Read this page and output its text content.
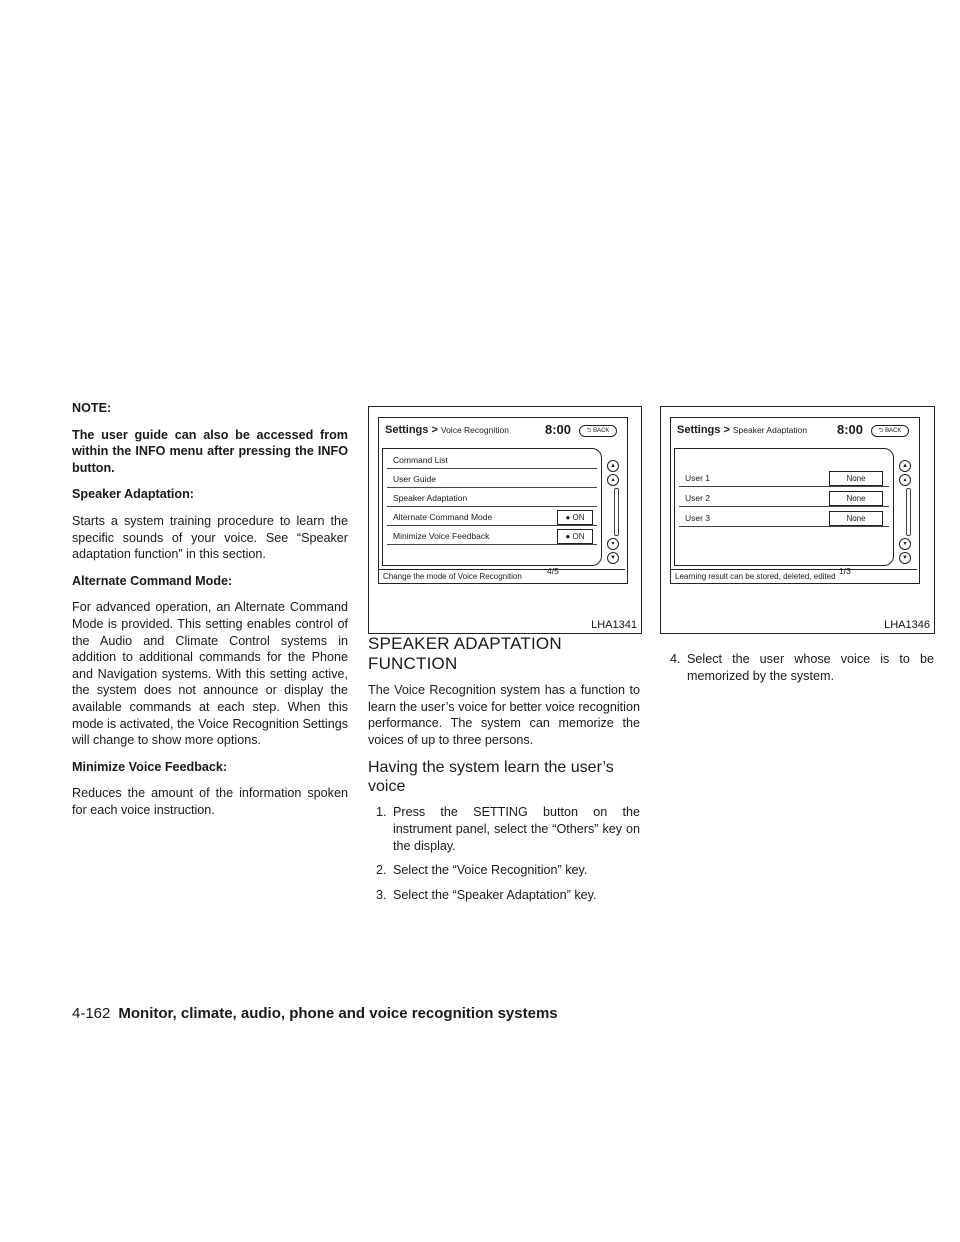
NOTE:

The user guide can also be accessed from within the INFO menu after pressing the INFO button.

Speaker Adaptation:

Starts a system training procedure to learn the specific sounds of your voice. See “Speaker adaptation function” in this section.

Alternate Command Mode:

For advanced operation, an Alternate Command Mode is provided. This setting enables control of the Audio and Climate Control systems in addition to additional commands for the Phone and Navigation systems. With this setting active, the system does not announce or display the available commands at each step. When this mode is activated, the Voice Recognition Settings will change to show more options.

Minimize Voice Feedback:

Reduces the amount of the information spoken for each voice instruction.

Settings > Voice Recognition	8:00	⮌ BACK
Command List
User Guide
Speaker Adaptation
Alternate Command Mode	● ON
Minimize Voice Feedback	● ON
▲
▴
▾
▼
4/5
Change the mode of Voice Recognition
LHA1341
Settings > Speaker Adaptation 8:00	⮌ BACK
User 1	None
User 2	None
User 3	None
▲
▴
▾
▼
1/3
Learning result can be stored, deleted, edited
LHA1346
SPEAKER ADAPTATION FUNCTION

The Voice Recognition system has a function to learn the user’s voice for better voice recognition performance. The system can memorize the voices of up to three persons.

Having the system learn the user’s voice
1. Press the SETTING button on the instrument panel, select the “Others” key on the display.
2. Select the “Voice Recognition” key.
3. Select the “Speaker Adaptation” key.
4. Select the user whose voice is to be memorized by the system.
4-162 Monitor, climate, audio, phone and voice recognition systems
